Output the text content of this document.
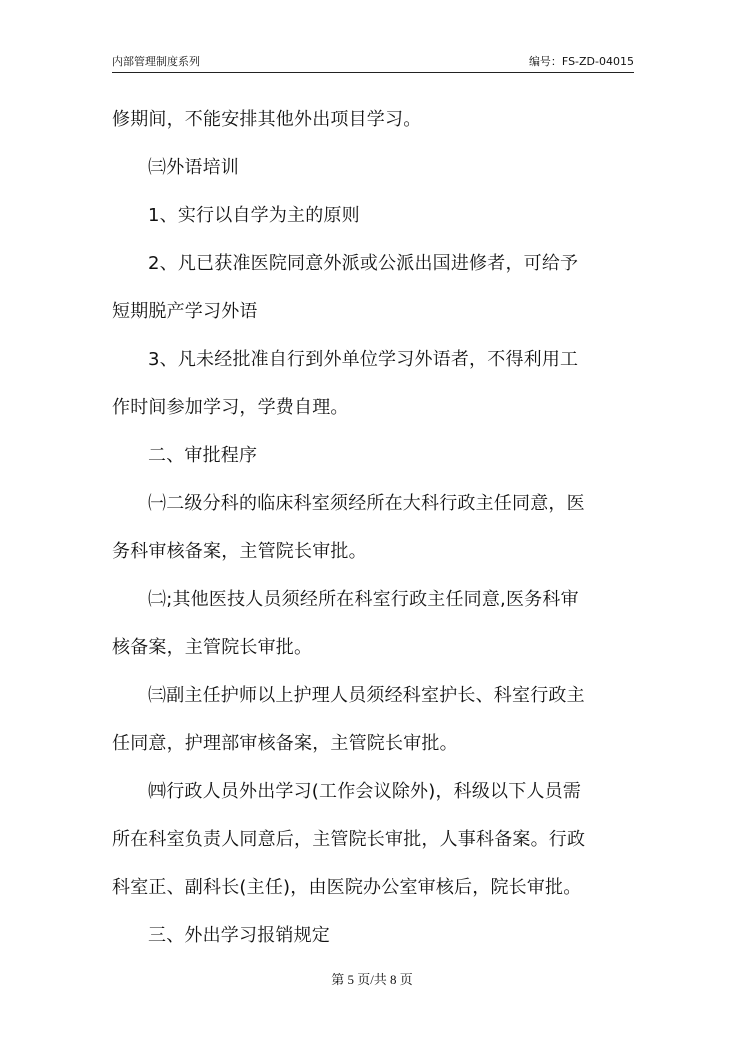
内部管理制度系列	编号：FS-ZD-04015

修期间，不能安排其他外出项目学习。

㈢外语培训

1、实行以自学为主的原则

2、凡已获准医院同意外派或公派出国进修者，可给予

短期脱产学习外语

3、凡未经批准自行到外单位学习外语者，不得利用工

作时间参加学习，学费自理。

二、审批程序

㈠二级分科的临床科室须经所在大科行政主任同意，医

务科审核备案，主管院长审批。

㈡;其他医技人员须经所在科室行政主任同意,医务科审

核备案，主管院长审批。

㈢副主任护师以上护理人员须经科室护长、科室行政主

任同意，护理部审核备案，主管院长审批。

㈣行政人员外出学习(工作会议除外)，科级以下人员需

所在科室负责人同意后，主管院长审批，人事科备案。行政

科室正、副科长(主任)，由医院办公室审核后，院长审批。

三、外出学习报销规定

第 5 页/共 8 页
